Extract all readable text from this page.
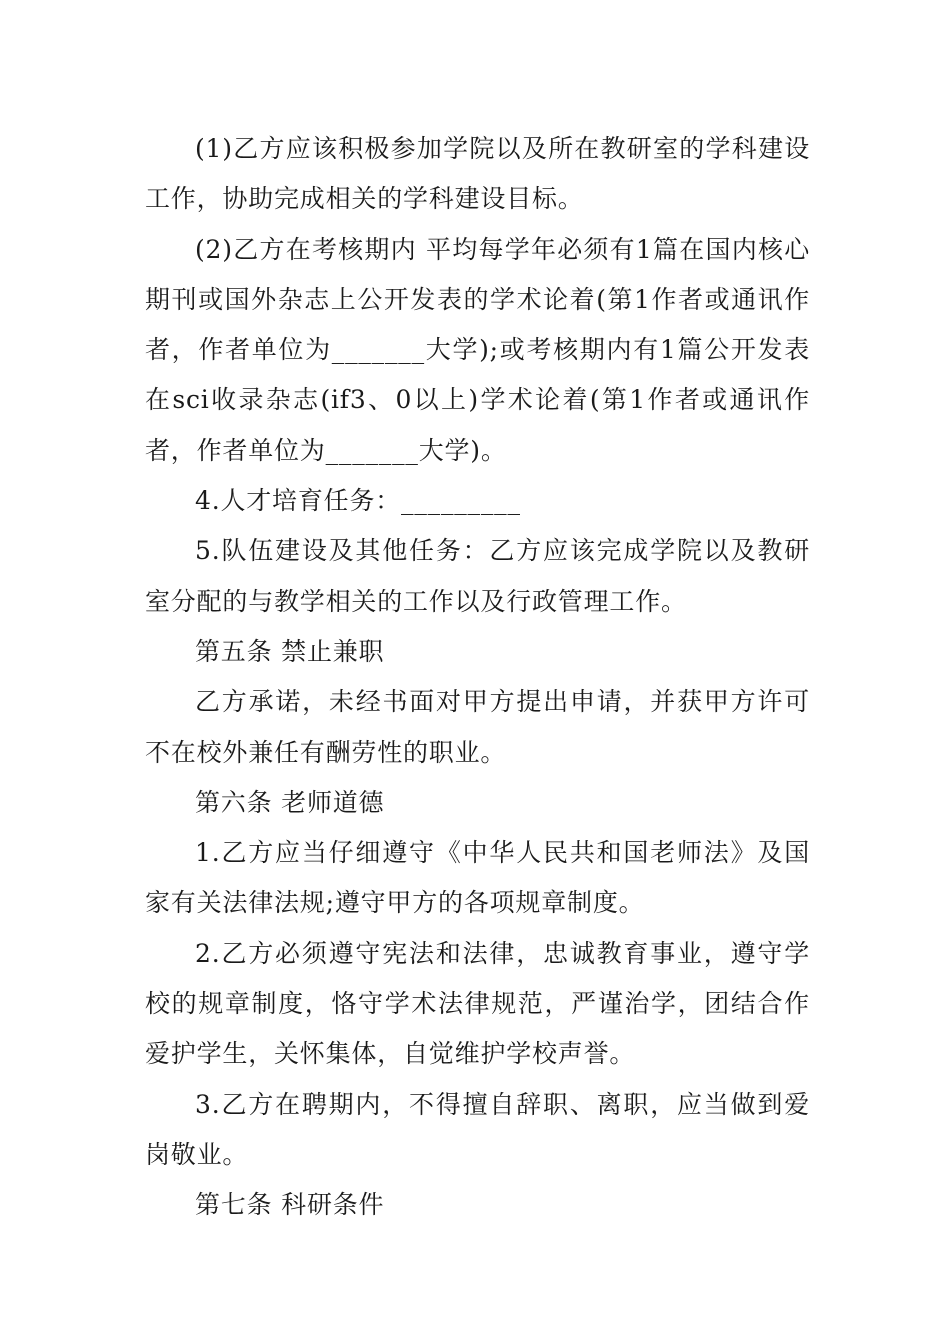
(1)乙方应该积极参加学院以及所在教研室的学科建设工作，协助完成相关的学科建设目标。

(2)乙方在考核期内 平均每学年必须有1篇在国内核心期刊或国外杂志上公开发表的学术论着(第1作者或通讯作者，作者单位为_______大学);或考核期内有1篇公开发表在sci收录杂志(if3、0以上)学术论着(第1作者或通讯作者，作者单位为_______大学)。

4.人才培育任务：_________

5.队伍建设及其他任务：乙方应该完成学院以及教研室分配的与教学相关的工作以及行政管理工作。

第五条 禁止兼职

乙方承诺，未经书面对甲方提出申请，并获甲方许可不在校外兼任有酬劳性的职业。

第六条 老师道德

1.乙方应当仔细遵守《中华人民共和国老师法》及国家有关法律法规;遵守甲方的各项规章制度。

2.乙方必须遵守宪法和法律，忠诚教育事业，遵守学校的规章制度，恪守学术法律规范，严谨治学，团结合作爱护学生，关怀集体，自觉维护学校声誉。

3.乙方在聘期内，不得擅自辞职、离职，应当做到爱岗敬业。

第七条 科研条件
